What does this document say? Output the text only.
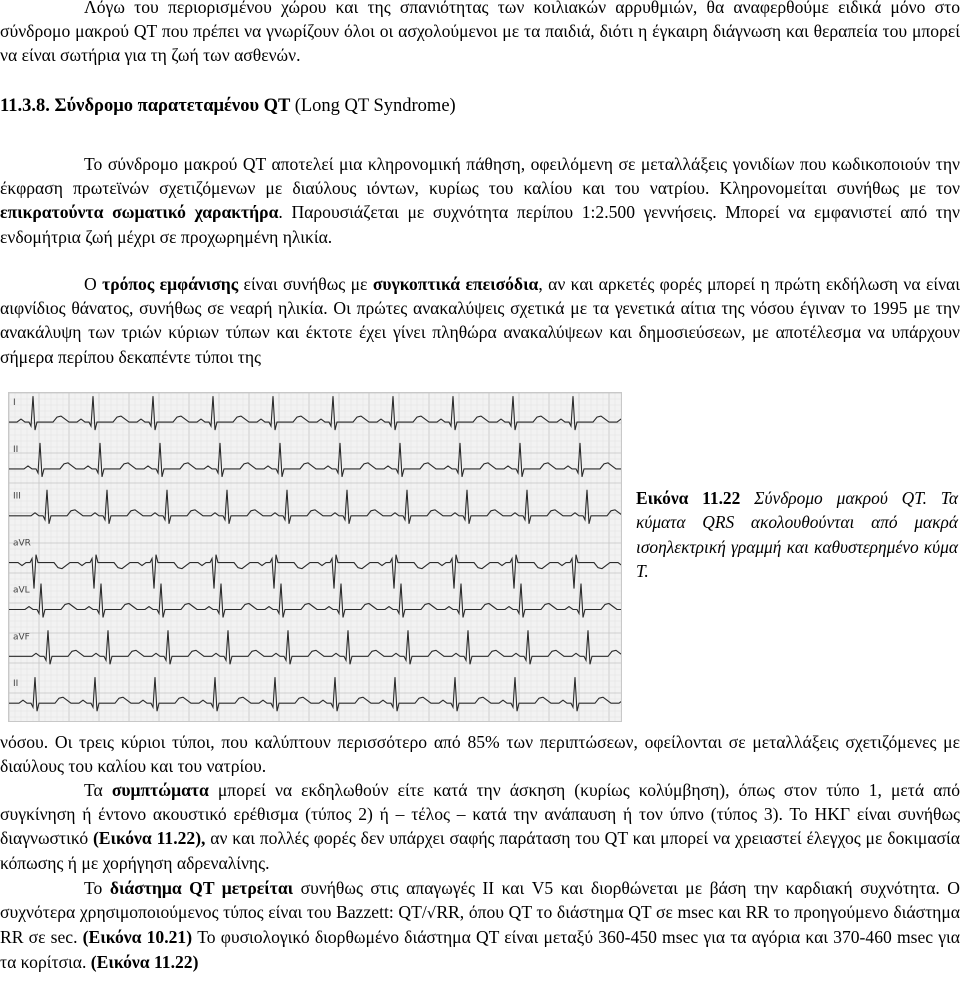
Λόγω του περιορισμένου χώρου και της σπανιότητας των κοιλιακών αρρυθμιών, θα αναφερθούμε ειδικά μόνο στο σύνδρομο μακρού QT που πρέπει να γνωρίζουν όλοι οι ασχολούμενοι με τα παιδιά, διότι η έγκαιρη διάγνωση και θεραπεία του μπορεί να είναι σωτήρια για τη ζωή των ασθενών.

11.3.8. Σύνδρομο παρατεταμένου QT (Long QT Syndrome)

Το σύνδρομο μακρού QT αποτελεί μια κληρονομική πάθηση, οφειλόμενη σε μεταλλάξεις γονιδίων που κωδικοποιούν την έκφραση πρωτεϊνών σχετιζόμενων με διαύλους ιόντων, κυρίως του καλίου και του νατρίου. Κληρονομείται συνήθως με τον επικρατούντα σωματικό χαρακτήρα. Παρουσιάζεται με συχνότητα περίπου 1:2.500 γεννήσεις. Μπορεί να εμφανιστεί από την ενδομήτρια ζωή μέχρι σε προχωρημένη ηλικία.

Ο τρόπος εμφάνισης είναι συνήθως με συγκοπτικά επεισόδια, αν και αρκετές φορές μπορεί η πρώτη εκδήλωση να είναι αιφνίδιος θάνατος, συνήθως σε νεαρή ηλικία. Οι πρώτες ανακαλύψεις σχετικά με τα γενετικά αίτια της νόσου έγιναν το 1995 με την ανακάλυψη των τριών κύριων τύπων και έκτοτε έχει γίνει πληθώρα ανακαλύψεων και δημοσιεύσεων, με αποτέλεσμα να υπάρχουν σήμερα περίπου δεκαπέντε τύποι της

I
II
III
aVR
aVL
aVF
II
Εικόνα 11.22 Σύνδρομο μακρού QT. Τα κύματα QRS ακολουθούνται από μακρά ισοηλεκτρική γραμμή και καθυστερημένο κύμα Τ.

νόσου. Οι τρεις κύριοι τύποι, που καλύπτουν περισσότερο από 85% των περιπτώσεων, οφείλονται σε μεταλλάξεις σχετιζόμενες με διαύλους του καλίου και του νατρίου.

Τα συμπτώματα μπορεί να εκδηλωθούν είτε κατά την άσκηση (κυρίως κολύμβηση), όπως στον τύπο 1, μετά από συγκίνηση ή έντονο ακουστικό ερέθισμα (τύπος 2) ή – τέλος – κατά την ανάπαυση ή τον ύπνο (τύπος 3). Το ΗΚΓ είναι συνήθως διαγνωστικό (Εικόνα 11.22), αν και πολλές φορές δεν υπάρχει σαφής παράταση του QT και μπορεί να χρειαστεί έλεγχος με δοκιμασία κόπωσης ή με χορήγηση αδρεναλίνης.

Το διάστημα QT μετρείται συνήθως στις απαγωγές II και V5 και διορθώνεται με βάση την καρδιακή συχνότητα. Ο συχνότερα χρησιμοποιούμενος τύπος είναι του Bazzett: QT/√RR, όπου QT το διάστημα QT σε msec και RR το προηγούμενο διάστημα RR σε sec. (Εικόνα 10.21) Το φυσιολογικό διορθωμένο διάστημα QT είναι μεταξύ 360-450 msec για τα αγόρια και 370-460 msec για τα κορίτσια. (Εικόνα 11.22)
